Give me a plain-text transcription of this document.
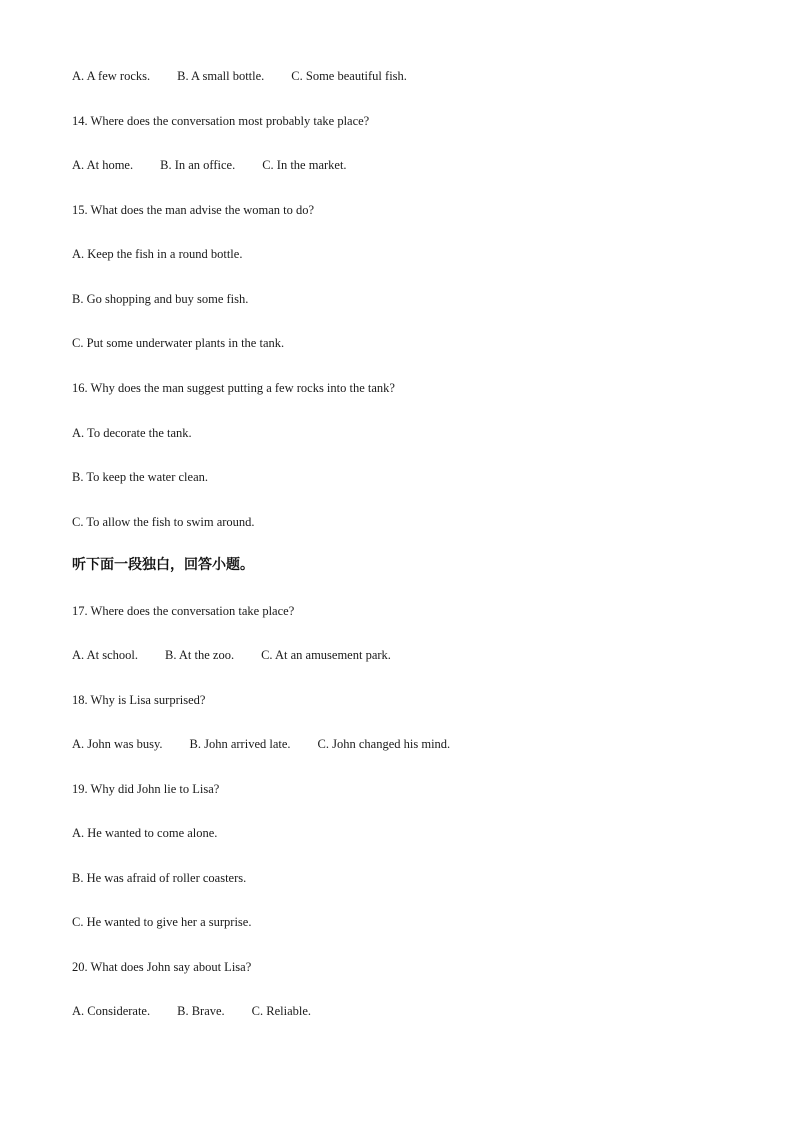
A. A few rocks. B. A small bottle. C. Some beautiful fish.
14. Where does the conversation most probably take place?
A. At home. B. In an office. C. In the market.
15. What does the man advise the woman to do?
A. Keep the fish in a round bottle.
B. Go shopping and buy some fish.
C. Put some underwater plants in the tank.
16. Why does the man suggest putting a few rocks into the tank?
A. To decorate the tank.
B. To keep the water clean.
C. To allow the fish to swim around.
听下面一段独白，回答小题。
17. Where does the conversation take place?
A. At school. B. At the zoo. C. At an amusement park.
18. Why is Lisa surprised?
A. John was busy. B. John arrived late. C. John changed his mind.
19. Why did John lie to Lisa?
A. He wanted to come alone.
B. He was afraid of roller coasters.
C. He wanted to give her a surprise.
20. What does John say about Lisa?
A. Considerate. B. Brave. C. Reliable.
